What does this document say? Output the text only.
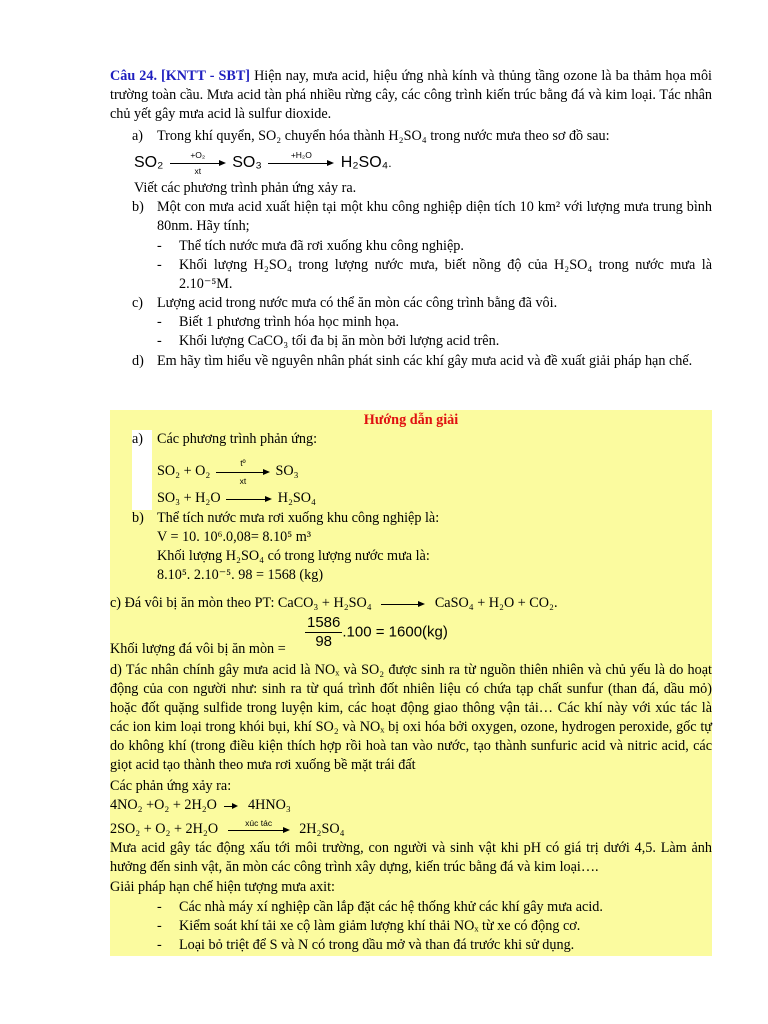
Câu 24. [KNTT - SBT] Hiện nay, mưa acid, hiệu ứng nhà kính và thủng tầng ozone là ba thảm họa môi trường toàn cầu. Mưa acid tàn phá nhiều rừng cây, các công trình kiến trúc bằng đá và kim loại. Tác nhân chủ yết gây mưa acid là sulfur dioxide.
a) Trong khí quyển, SO₂ chuyển hóa thành H₂SO₄ trong nước mưa theo sơ đồ sau:
$SO_2 \frac{\text{+O₂}}{xt} SO_3$	+H₂O	H₂SO₄.
Viết các phương trình phản ứng xảy ra.
b) Một con mưa acid xuất hiện tại một khu công nghiệp diện tích 10 km² với lượng mưa trung bình 80nm. Hãy tính;
- Thể tích nước mưa đã rơi xuống khu công nghiệp.
- Khối lượng H₂SO₄ trong lượng nước mưa, biết nồng độ của H₂SO₄ trong nước mưa là 2.10⁻⁵M.
c) Lượng acid trong nước mưa có thể ăn mòn các công trình bằng đã vôi.
- Biết 1 phương trình hóa học minh họa.
- Khối lượng CaCO₃ tối đa bị ăn mòn bởi lượng acid trên.
d) Em hãy tìm hiểu về nguyên nhân phát sinh các khí gây mưa acid và đề xuất giải pháp hạn chế.
Hướng dẫn giải
a) Các phương trình phản ứng:
$SO_2 + O_2 \frac{\text{tº}}{xt} SO_3$
SO₃ + H₂O	H₂SO₄
b) Thể tích nước mưa rơi xuống khu công nghiệp là:
V = 10. 10⁶.0,08= 8.10⁵ m³
Khối lượng H₂SO₄ có trong lượng nước mưa là:
8.10⁵. 2.10⁻⁵. 98 = 1568 (kg)
c) Đá vôi bị ăn mòn theo PT: CaCO₃ + H₂SO₄	CaSO₄ + H₂O + CO₂.
Khối lượng đá vôi bị ăn mòn =	$\frac{1586}{98} .100 = 1600(kg)$
d) Tác nhân chính gây mưa acid là NOₓ và SO₂ được sinh ra từ nguồn thiên nhiên và chủ yếu là do hoạt động của con người như: sinh ra từ quá trình đốt nhiên liệu có chứa tạp chất sunfur (than đá, dầu mỏ) hoặc đốt quặng sulfide trong luyện kim, các hoạt động giao thông vận tải… Các khí này với xúc tác là các ion kim loại trong khói bụi, khí SO₂ và NOₓ bị oxi hóa bởi oxygen, ozone, hydrogen peroxide, gốc tự do không khí (trong điều kiện thích hợp rồi hoà tan vào nước, tạo thành sunfuric acid và nitric acid, các giọt acid tạo thành theo mưa rơi xuống bề mặt trái đất
Các phản ứng xảy ra:
4NO₂ +O₂ + 2H₂O 4HNO₃
2SO₂ + O₂ + 2H₂O	xúc tác	2H₂SO₄
Mưa acid gây tác động xấu tới môi trường, con người và sinh vật khi pH có giá trị dưới 4,5. Làm ảnh hưởng đến sinh vật, ăn mòn các công trình xây dựng, kiến trúc bằng đá và kim loại….
Giải pháp hạn chế hiện tượng mưa axit:
- Các nhà máy xí nghiệp cần lắp đặt các hệ thống khử các khí gây mưa acid.
- Kiểm soát khí tải xe cộ làm giảm lượng khí thải NOₓ từ xe có động cơ.
- Loại bỏ triệt để S và N có trong dầu mở và than đá trước khi sử dụng.
